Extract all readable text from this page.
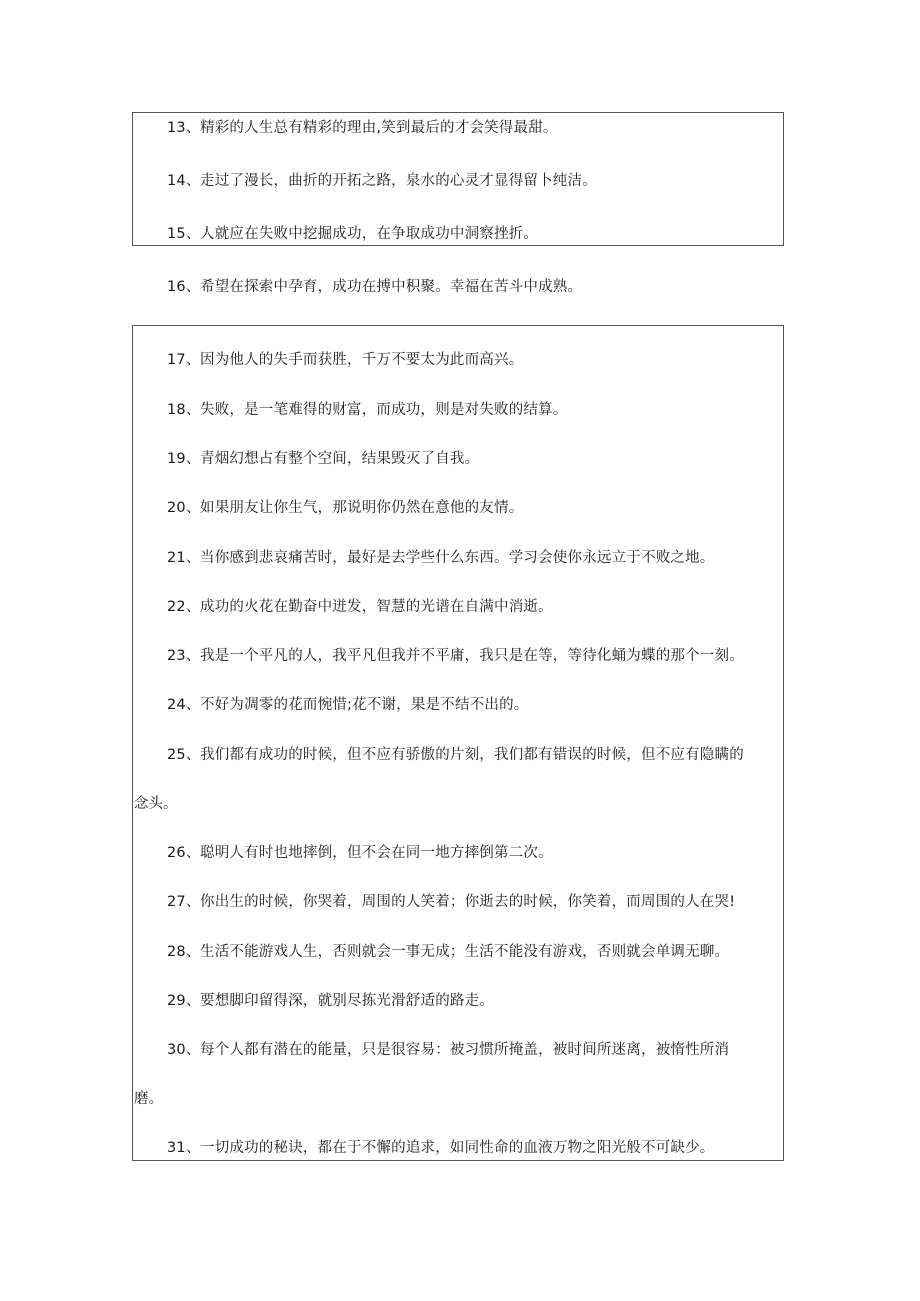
13、 精彩的人生总有精彩的理由,笑到最后的才会笑得最甜。
14、 走过了漫长，曲折的开拓之路，泉水的心灵才显得留卜纯洁。
15、 人就应在失败中挖掘成功，在争取成功中洞察挫折。
16、 希望在探索中孕育，成功在搏中积聚。幸福在苦斗中成熟。
17、 因为他人的失手而获胜，千万不要太为此而高兴。
18、 失败，是一笔难得的财富，而成功，则是对失败的结算。
19、 青烟幻想占有整个空间，结果毁灭了自我。
20、 如果朋友让你生气，那说明你仍然在意他的友情。
21、 当你感到悲哀痛苦时，最好是去学些什么东西。学习会使你永远立于不败之地。
22、 成功的火花在勤奋中迸发，智慧的光谱在自满中消逝。
23、 我是一个平凡的人，我平凡但我并不平庸，我只是在等，等待化蛹为蝶的那个一刻。
24、 不好为凋零的花而惋惜;花不谢，果是不结不出的。
25、 我们都有成功的时候，但不应有骄傲的片刻，我们都有错误的时候，但不应有隐瞒的
念头。
26、 聪明人有时也地摔倒，但不会在同一地方摔倒第二次。
27、 你出生的时候，你哭着，周围的人笑着；你逝去的时候，你笑着，而周围的人在哭!
28、 生活不能游戏人生，否则就会一事无成；生活不能没有游戏，否则就会单调无聊。
29、 要想脚印留得深，就别尽拣光滑舒适的路走。
30、 每个人都有潜在的能量，只是很容易：被习惯所掩盖，被时间所迷离，被惰性所消
磨。
31、 一切成功的秘诀，都在于不懈的追求，如同性命的血液万物之阳光般不可缺少。
